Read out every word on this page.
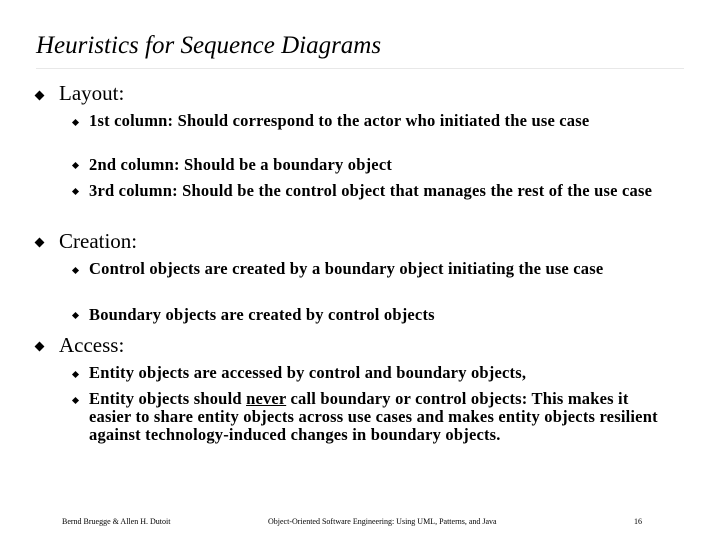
Heuristics for Sequence Diagrams
Layout:
1st column: Should correspond to the actor who initiated the use case
2nd column: Should be a boundary object
3rd column: Should be the control object that manages the rest of the use case
Creation:
Control objects are created by a boundary object initiating the use case
Boundary objects are created by control objects
Access:
Entity objects are accessed by control and boundary objects,
Entity objects should never call boundary or control objects: This makes it easier to share entity objects across use cases and makes entity objects resilient against technology-induced changes in boundary objects.
Bernd Bruegge & Allen H. Dutoit	Object-Oriented Software Engineering: Using UML, Patterns, and Java	16
